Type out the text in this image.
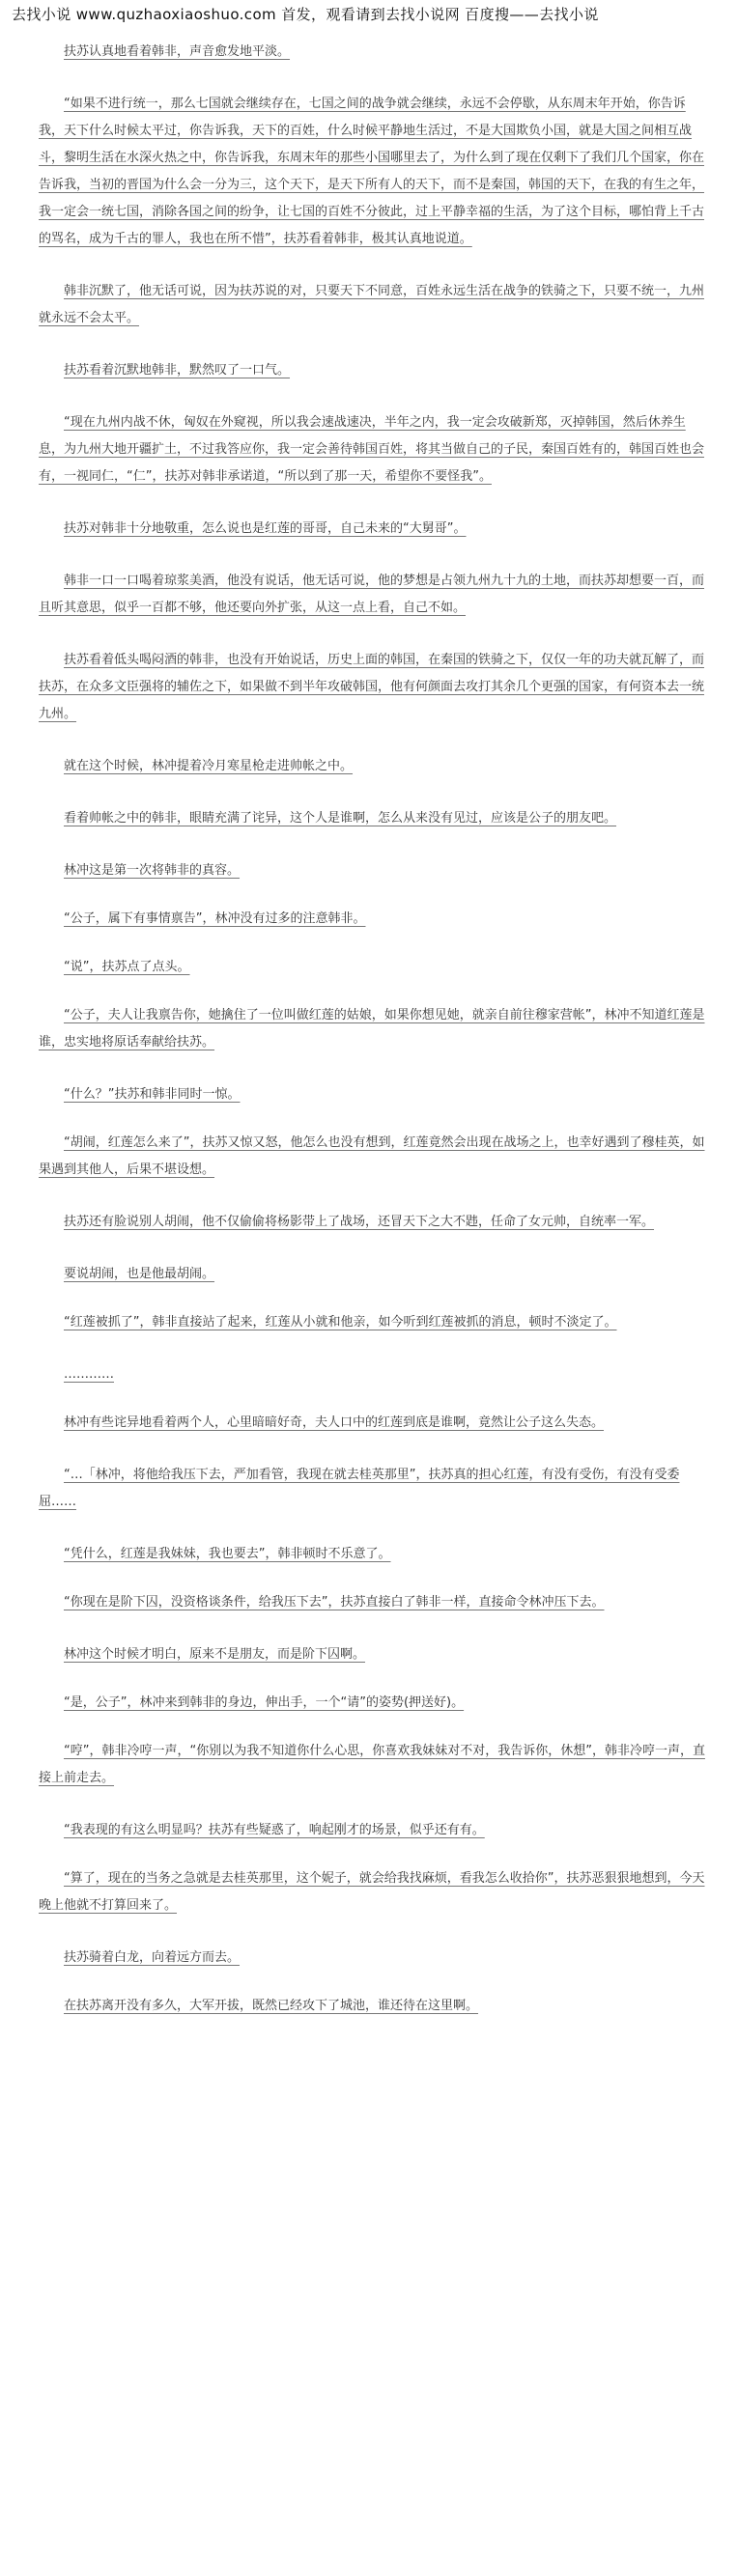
去找小说 www.quzhaoxiaoshuo.com 首发，观看请到去找小说网 百度搜——去找小说

扶苏认真地看着韩非，声音愈发地平淡。

“如果不进行统一，那么七国就会继续存在，七国之间的战争就会继续，永远不会停歇，从东周末年开始，你告诉我，天下什么时候太平过，你告诉我，天下的百姓，什么时候平静地生活过，不是大国欺负小国，就是大国之间相互战斗，黎明生活在水深火热之中，你告诉我，东周末年的那些小国哪里去了，为什么到了现在仅剩下了我们几个国家，你在告诉我，当初的晋国为什么会一分为三，这个天下，是天下所有人的天下，而不是秦国，韩国的天下，在我的有生之年，我一定会一统七国，消除各国之间的纷争，让七国的百姓不分彼此，过上平静幸福的生活，为了这个目标，哪怕背上千古的骂名，成为千古的罪人，我也在所不惜”，扶苏看着韩非，极其认真地说道。

韩非沉默了，他无话可说，因为扶苏说的对，只要天下不同意，百姓永远生活在战争的铁骑之下，只要不统一，九州就永远不会太平。

扶苏看着沉默地韩非，默然叹了一口气。

“现在九州内战不休，匈奴在外窥视，所以我会速战速决，半年之内，我一定会攻破新郑，灭掉韩国，然后休养生息，为九州大地开疆扩土，不过我答应你，我一定会善待韩国百姓，将其当做自己的子民，秦国百姓有的，韩国百姓也会有，一视同仁，“仁”，扶苏对韩非承诺道，“所以到了那一天，希望你不要怪我”。

扶苏对韩非十分地敬重，怎么说也是红莲的哥哥，自己未来的“大舅哥”。

韩非一口一口喝着琼浆美酒，他没有说话，他无话可说，他的梦想是占领九州九十九的土地，而扶苏却想要一百，而且听其意思，似乎一百都不够，他还要向外扩张，从这一点上看，自己不如。

扶苏看着低头喝闷酒的韩非，也没有开始说话，历史上面的韩国，在秦国的铁骑之下，仅仅一年的功夫就瓦解了，而扶苏，在众多文臣强将的辅佐之下，如果做不到半年攻破韩国，他有何颜面去攻打其余几个更强的国家，有何资本去一统九州。

就在这个时候，林冲提着冷月寒星枪走进帅帐之中。

看着帅帐之中的韩非，眼睛充满了诧异，这个人是谁啊，怎么从来没有见过，应该是公子的朋友吧。

林冲这是第一次将韩非的真容。

“公子，属下有事情禀告”，林冲没有过多的注意韩非。

“说”，扶苏点了点头。

“公子，夫人让我禀告你，她擒住了一位叫做红莲的姑娘，如果你想见她，就亲自前往穆家营帐”，林冲不知道红莲是谁，忠实地将原话奉献给扶苏。

“什么？”扶苏和韩非同时一惊。

“胡闹，红莲怎么来了”，扶苏又惊又怒，他怎么也没有想到，红莲竟然会出现在战场之上，也幸好遇到了穆桂英，如果遇到其他人，后果不堪设想。

扶苏还有脸说别人胡闹，他不仅偷偷将杨影带上了战场，还冒天下之大不韪，任命了女元帅，自统率一军。

要说胡闹，也是他最胡闹。

“红莲被抓了”，韩非直接站了起来，红莲从小就和他亲，如今听到红莲被抓的消息，顿时不淡定了。

…………

林冲有些诧异地看着两个人，心里暗暗好奇，夫人口中的红莲到底是谁啊，竟然让公子这么失态。

“…「林冲，将他给我压下去，严加看管，我现在就去桂英那里”，扶苏真的担心红莲，有没有受伤，有没有受委屈……

“凭什么，红莲是我妹妹，我也要去”，韩非顿时不乐意了。

“你现在是阶下囚，没资格谈条件，给我压下去”，扶苏直接白了韩非一样，直接命令林冲压下去。

林冲这个时候才明白，原来不是朋友，而是阶下囚啊。

“是，公子”，林冲来到韩非的身边，伸出手，一个“请”的姿势(押送好)。

“哼”，韩非冷哼一声，“你别以为我不知道你什么心思，你喜欢我妹妹对不对，我告诉你，休想”，韩非冷哼一声，直接上前走去。

“我表现的有这么明显吗？扶苏有些疑惑了，响起刚才的场景，似乎还有有。

“算了，现在的当务之急就是去桂英那里，这个妮子，就会给我找麻烦，看我怎么收拾你”，扶苏恶狠狠地想到，今天晚上他就不打算回来了。

扶苏骑着白龙，向着远方而去。

在扶苏离开没有多久，大军开拔，既然已经攻下了城池，谁还待在这里啊。
